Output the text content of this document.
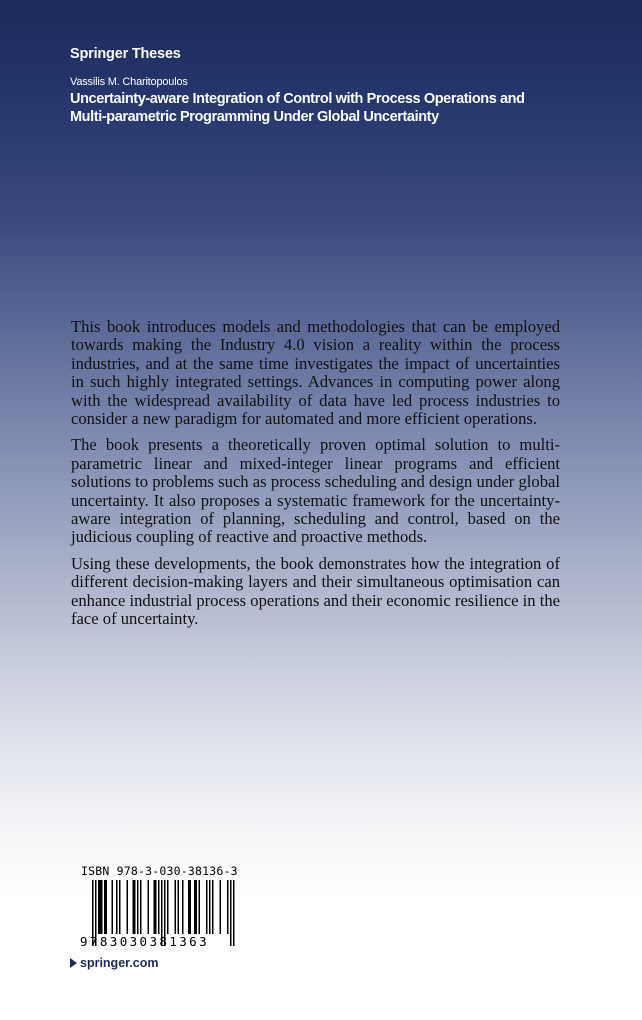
Springer Theses
Vassilis M. Charitopoulos
Uncertainty-aware Integration of Control with Process Operations and
Multi-parametric Programming Under Global Uncertainty

This book introduces models and methodologies that can be employed towards making the Industry 4.0 vision a reality within the process industries, and at the same time investigates the impact of uncertainties in such highly integrated settings. Advances in computing power along with the widespread availability of data have led process industries to consider a new paradigm for automated and more efficient operations.

The book presents a theoretically proven optimal solution to multiparametric linear and mixed-integer linear programs and efficient solutions to problems such as process scheduling and design under global uncertainty. It also proposes a systematic framework for the uncertaintyaware integration of planning, scheduling and control, based on the judicious coupling of reactive and proactive methods.

Using these developments, the book demonstrates how the integration of different decision-making layers and their simultaneous optimisation can enhance industrial process operations and their economic resilience in the face of uncertainty.

ISBN 978-3-030-38136-3
9783030381363
springer.com
